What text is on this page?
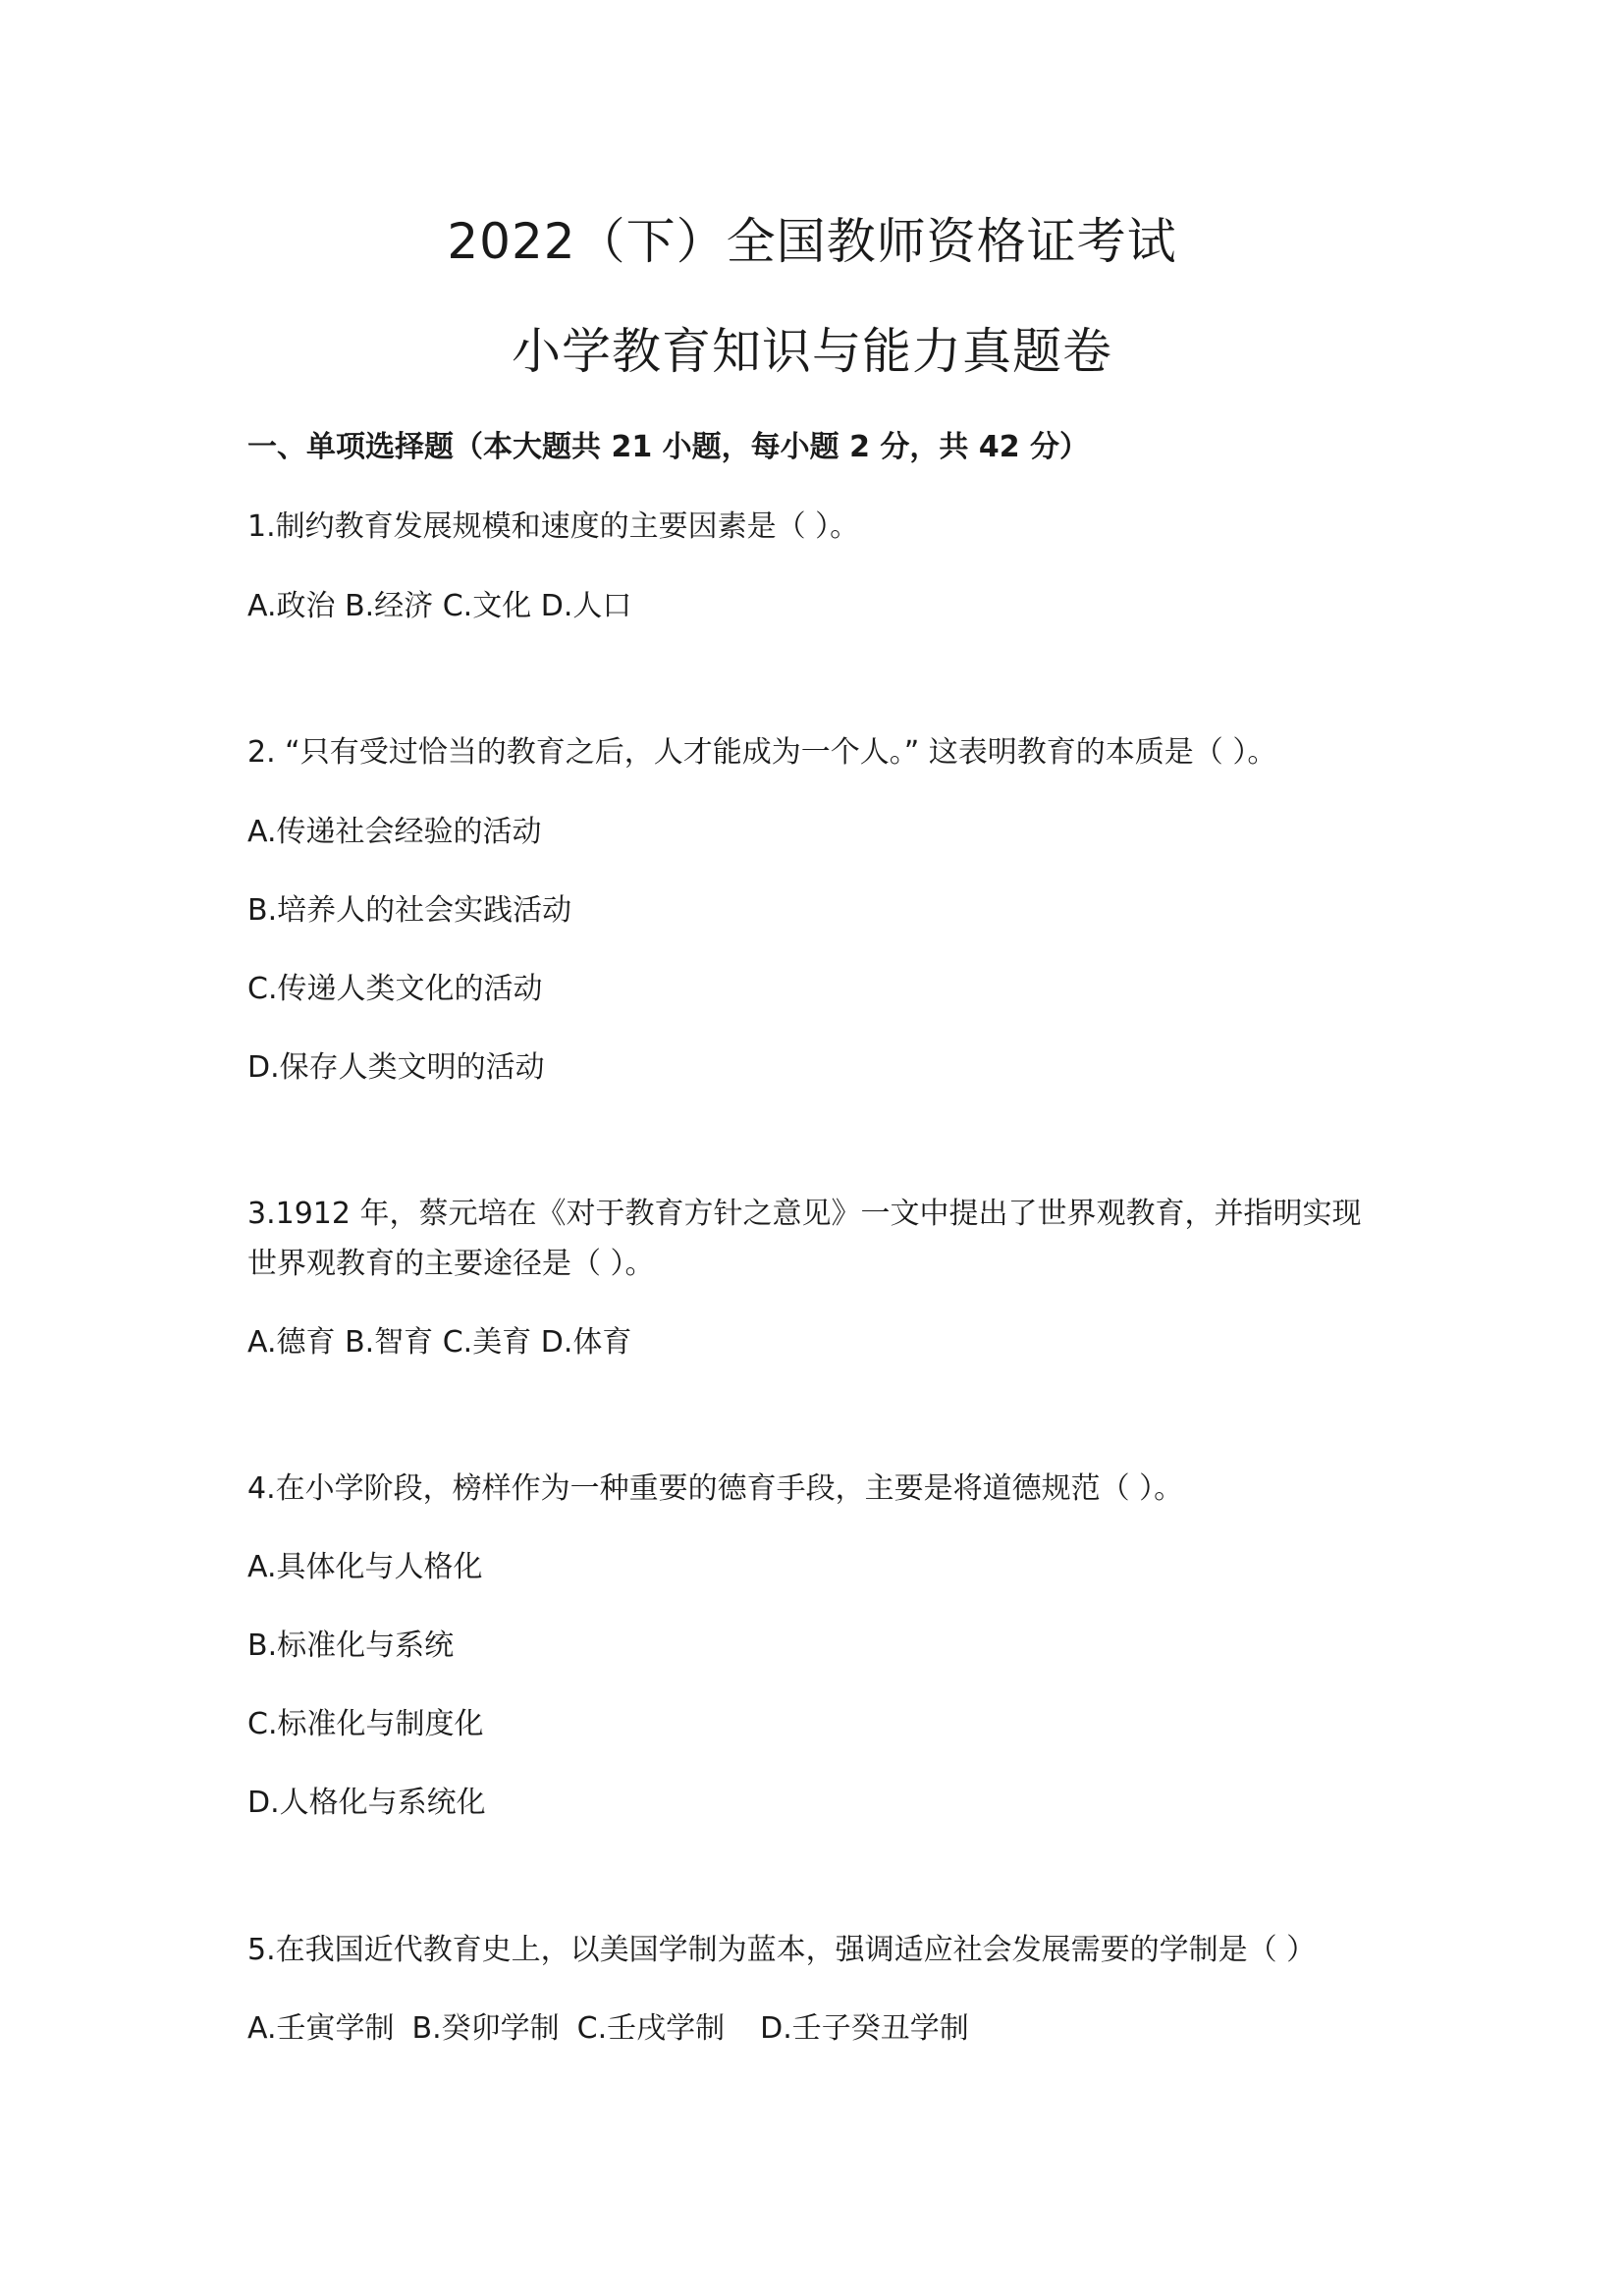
2022（下）全国教师资格证考试
小学教育知识与能力真题卷

一、单项选择题（本大题共 21 小题，每小题 2 分，共 42 分）

1.制约教育发展规模和速度的主要因素是（ ）。

A.政治 B.经济 C.文化 D.人口

2. “只有受过恰当的教育之后，人才能成为一个人。” 这表明教育的本质是（ ）。

A.传递社会经验的活动

B.培养人的社会实践活动

C.传递人类文化的活动

D.保存人类文明的活动

3.1912 年，蔡元培在《对于教育方针之意见》一文中提出了世界观教育，并指明实现

世界观教育的主要途径是（ ）。

A.德育 B.智育 C.美育 D.体育

4.在小学阶段，榜样作为一种重要的德育手段，主要是将道德规范（ ）。

A.具体化与人格化

B.标准化与系统

C.标准化与制度化

D.人格化与系统化

5.在我国近代教育史上，以美国学制为蓝本，强调适应社会发展需要的学制是（ ）

A.壬寅学制 B.癸卯学制 C.壬戌学制 D.壬子癸丑学制
